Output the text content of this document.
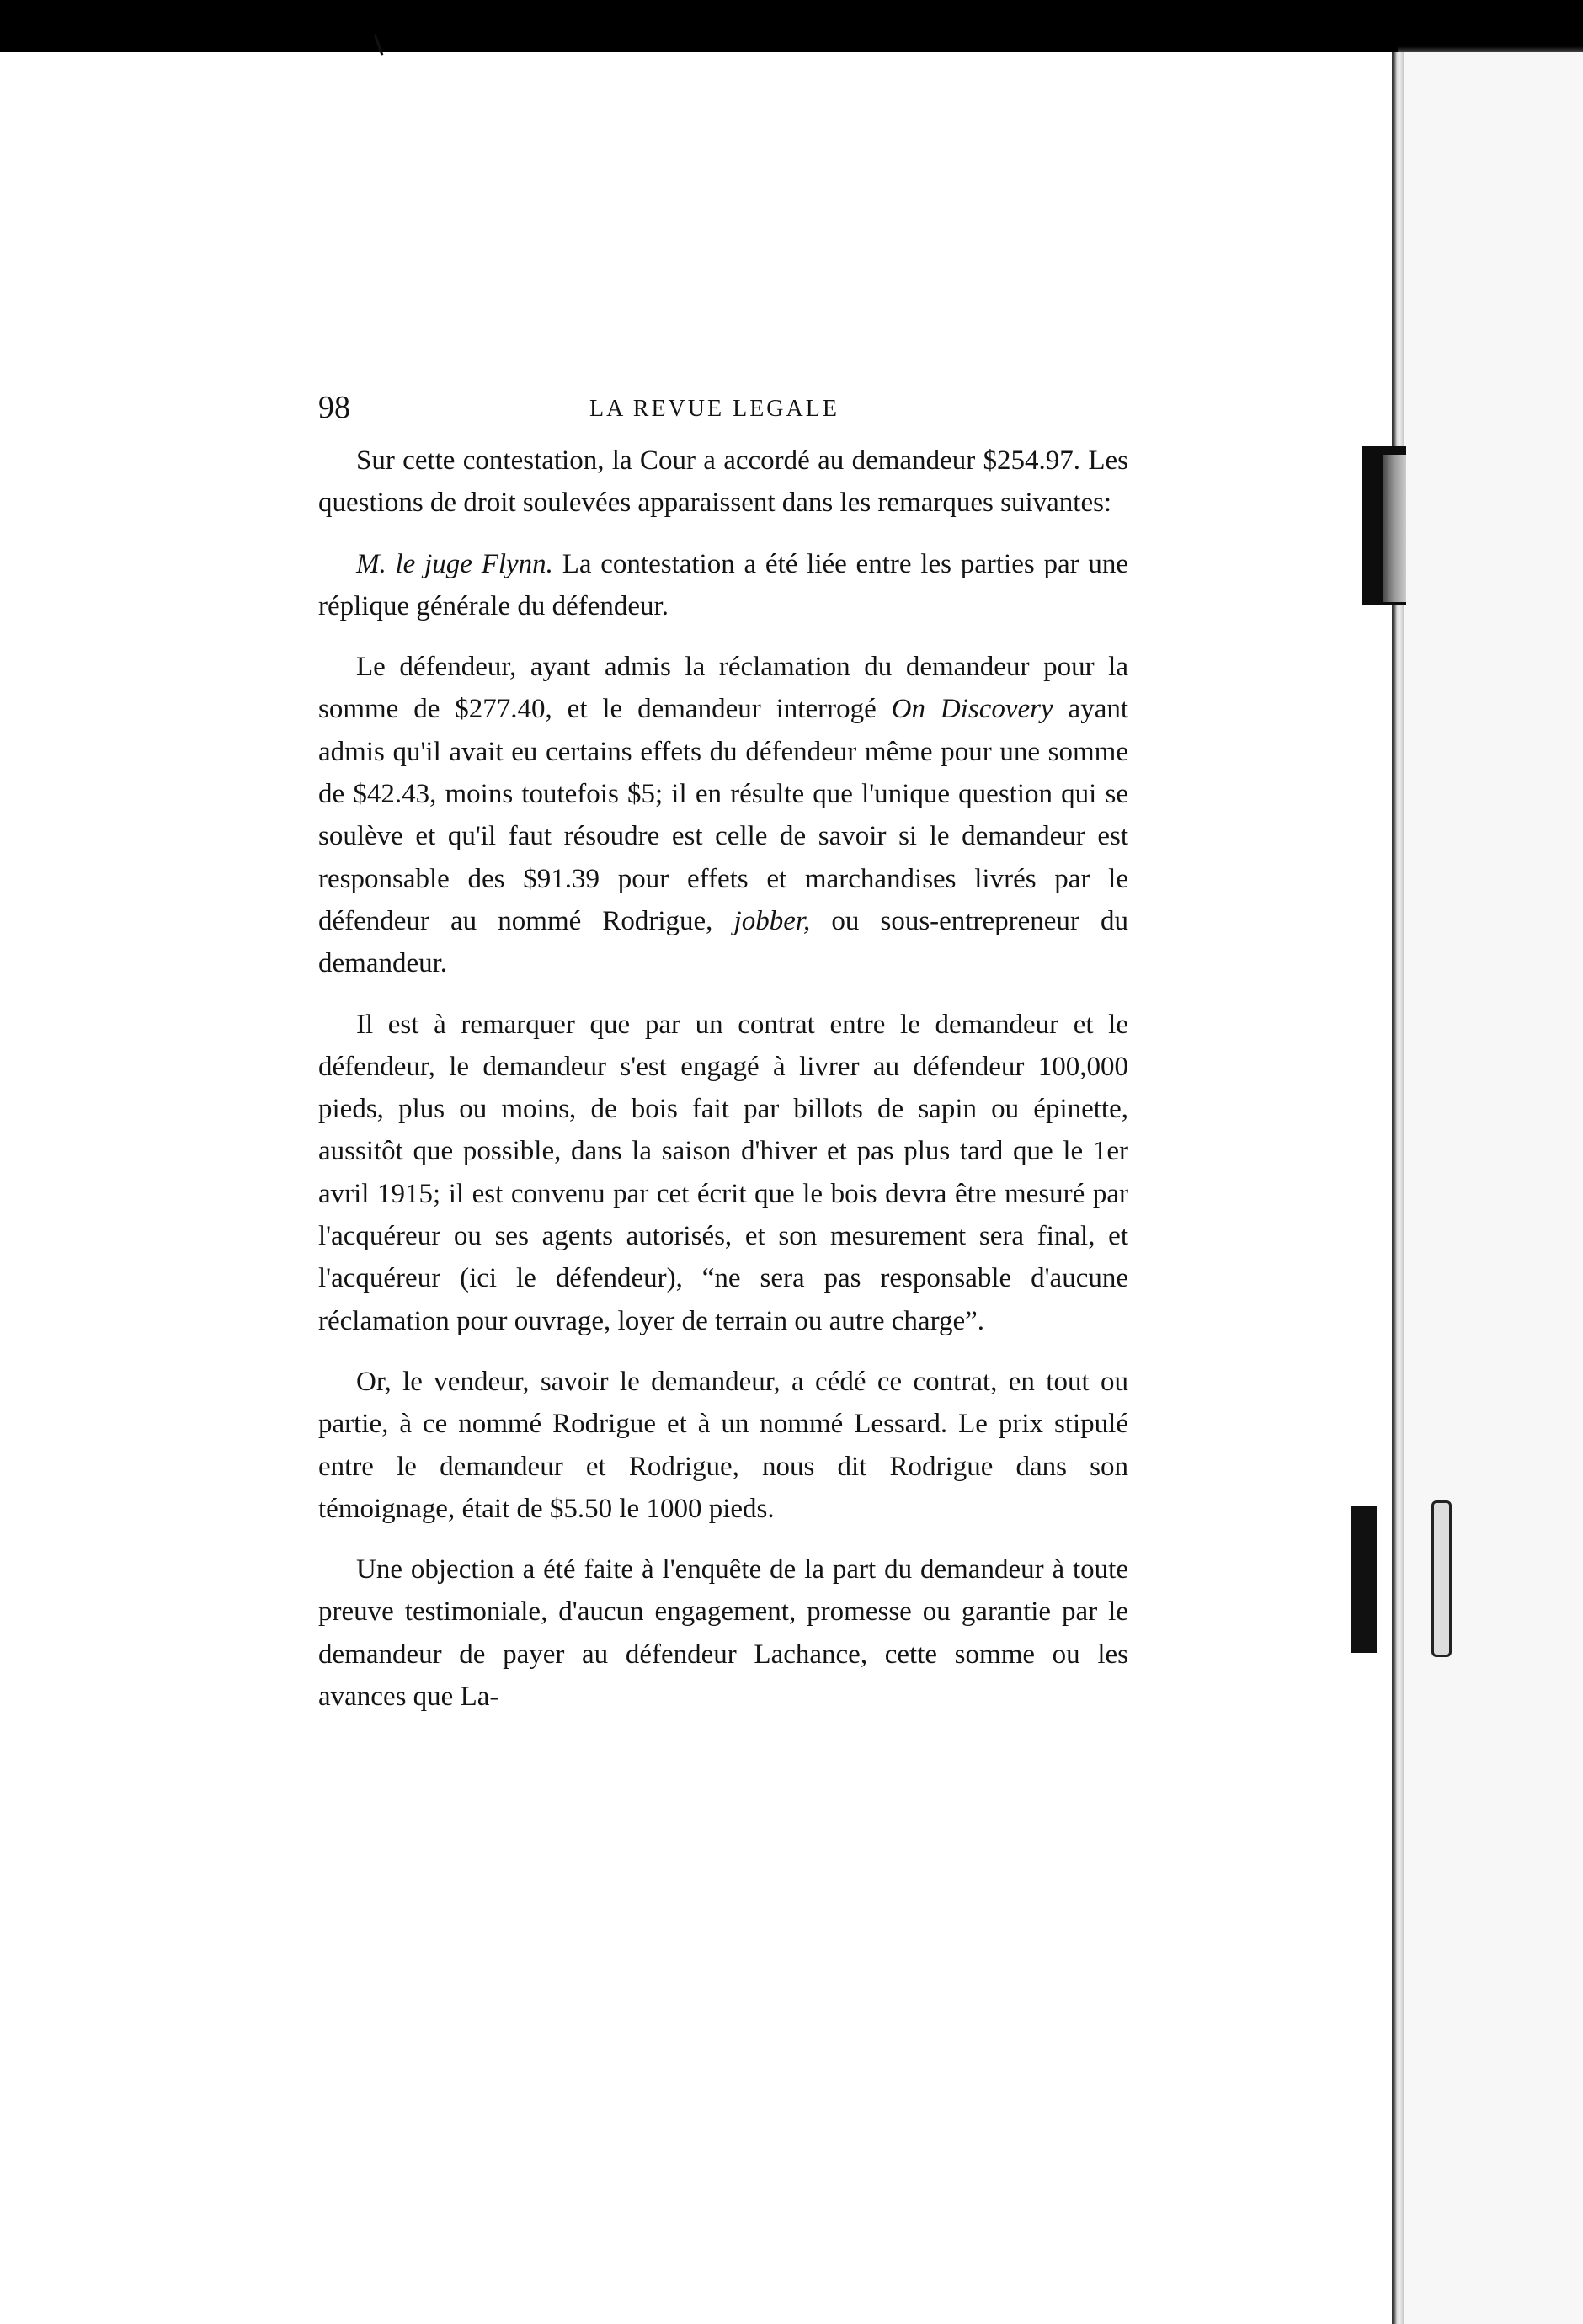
98	LA REVUE LEGALE

Sur cette contestation, la Cour a accordé au demandeur $254.97. Les questions de droit soulevées apparaissent dans les remarques suivantes:

M. le juge Flynn. La contestation a été liée entre les parties par une réplique générale du défendeur.

Le défendeur, ayant admis la réclamation du demandeur pour la somme de $277.40, et le demandeur interrogé On Discovery ayant admis qu'il avait eu certains effets du défendeur même pour une somme de $42.43, moins toutefois $5; il en résulte que l'unique question qui se soulève et qu'il faut résoudre est celle de savoir si le demandeur est responsable des $91.39 pour effets et marchandises livrés par le défendeur au nommé Rodrigue, jobber, ou sous-entrepreneur du demandeur.

Il est à remarquer que par un contrat entre le demandeur et le défendeur, le demandeur s'est engagé à livrer au défendeur 100,000 pieds, plus ou moins, de bois fait par billots de sapin ou épinette, aussitôt que possible, dans la saison d'hiver et pas plus tard que le 1er avril 1915; il est convenu par cet écrit que le bois devra être mesuré par l'acquéreur ou ses agents autorisés, et son mesurement sera final, et l'acquéreur (ici le défendeur), “ne sera pas responsable d'aucune réclamation pour ouvrage, loyer de terrain ou autre charge”.

Or, le vendeur, savoir le demandeur, a cédé ce contrat, en tout ou partie, à ce nommé Rodrigue et à un nommé Lessard. Le prix stipulé entre le demandeur et Rodrigue, nous dit Rodrigue dans son témoignage, était de $5.50 le 1000 pieds.

Une objection a été faite à l'enquête de la part du demandeur à toute preuve testimoniale, d'aucun engagement, promesse ou garantie par le demandeur de payer au défendeur Lachance, cette somme ou les avances que La-
